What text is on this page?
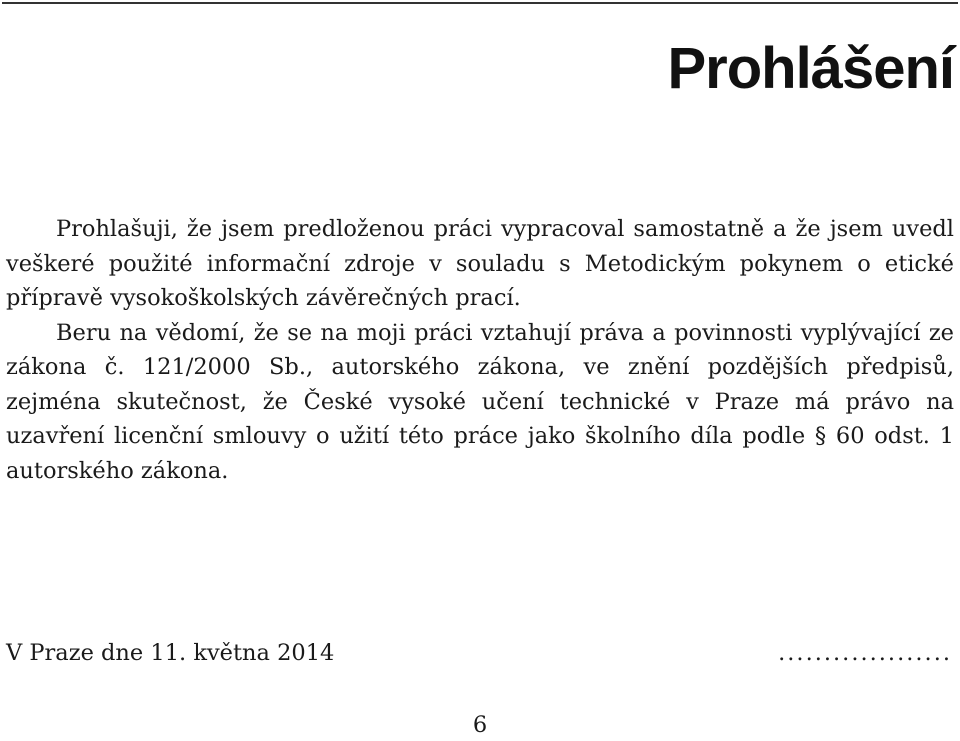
Prohlášení

Prohlašuji, že jsem predloženou práci vypracoval samostatně a že jsem uvedl veškeré použité informační zdroje v souladu s Metodickým pokynem o etické přípravě vysokoškolských závěrečných prací.

Beru na vědomí, že se na moji práci vztahují práva a povinnosti vyplývající ze zákona č. 121/2000 Sb., autorského zákona, ve znění pozdějších předpisů, zejména skutečnost, že České vysoké učení technické v Praze má právo na uzavření licenční smlouvy o užití této práce jako školního díla podle § 60 odst. 1 autorského zákona.

V Praze dne 11. května 2014	...................
6
